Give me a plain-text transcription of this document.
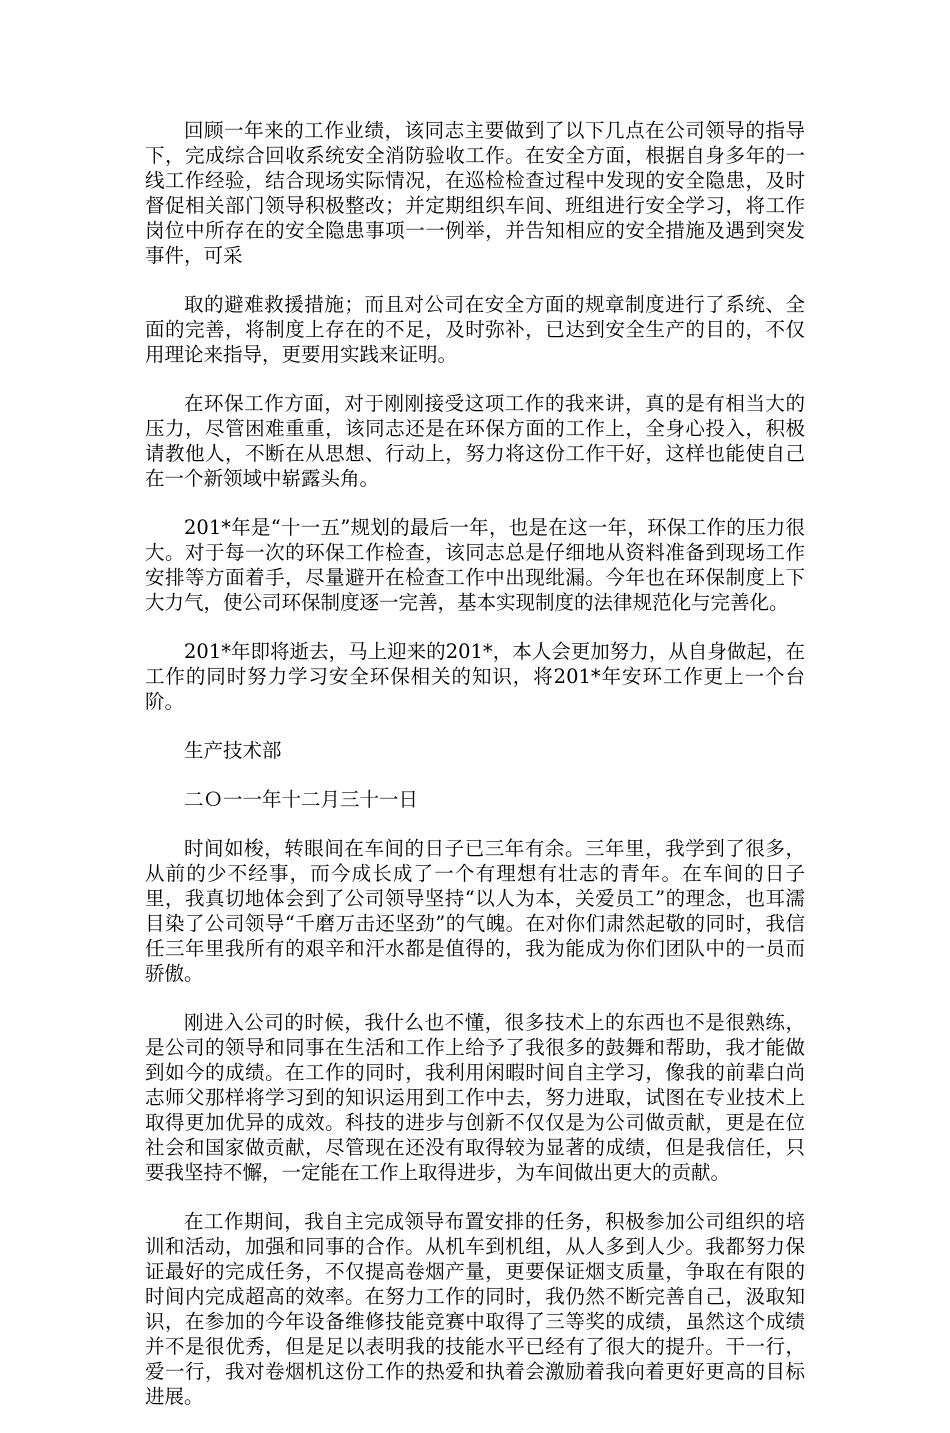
回顾一年来的工作业绩，该同志主要做到了以下几点在公司领导的指导下，完成综合回收系统安全消防验收工作。在安全方面，根据自身多年的一线工作经验，结合现场实际情况，在巡检检查过程中发现的安全隐患，及时督促相关部门领导积极整改；并定期组织车间、班组进行安全学习，将工作岗位中所存在的安全隐患事项一一例举，并告知相应的安全措施及遇到突发事件，可采

取的避难救援措施；而且对公司在安全方面的规章制度进行了系统、全面的完善，将制度上存在的不足，及时弥补，已达到安全生产的目的，不仅用理论来指导，更要用实践来证明。

在环保工作方面，对于刚刚接受这项工作的我来讲，真的是有相当大的压力，尽管困难重重，该同志还是在环保方面的工作上，全身心投入，积极请教他人，不断在从思想、行动上，努力将这份工作干好，这样也能使自己在一个新领域中崭露头角。

201*年是“十一五”规划的最后一年，也是在这一年，环保工作的压力很大。对于每一次的环保工作检查，该同志总是仔细地从资料准备到现场工作安排等方面着手，尽量避开在检查工作中出现纰漏。今年也在环保制度上下大力气，使公司环保制度逐一完善，基本实现制度的法律规范化与完善化。

201*年即将逝去，马上迎来的201*，本人会更加努力，从自身做起，在工作的同时努力学习安全环保相关的知识，将201*年安环工作更上一个台阶。

生产技术部

二Ｏ一一年十二月三十一日

时间如梭，转眼间在车间的日子已三年有余。三年里，我学到了很多，从前的少不经事，而今成长成了一个有理想有壮志的青年。在车间的日子里，我真切地体会到了公司领导坚持“以人为本，关爱员工”的理念，也耳濡目染了公司领导“千磨万击还坚劲”的气魄。在对你们肃然起敬的同时，我信任三年里我所有的艰辛和汗水都是值得的，我为能成为你们团队中的一员而骄傲。

刚进入公司的时候，我什么也不懂，很多技术上的东西也不是很熟练，是公司的领导和同事在生活和工作上给予了我很多的鼓舞和帮助，我才能做到如今的成绩。在工作的同时，我利用闲暇时间自主学习，像我的前辈白尚志师父那样将学习到的知识运用到工作中去，努力进取，试图在专业技术上取得更加优异的成效。科技的进步与创新不仅仅是为公司做贡献，更是在位社会和国家做贡献，尽管现在还没有取得较为显著的成绩，但是我信任，只要我坚持不懈，一定能在工作上取得进步，为车间做出更大的贡献。

在工作期间，我自主完成领导布置安排的任务，积极参加公司组织的培训和活动，加强和同事的合作。从机车到机组，从人多到人少。我都努力保证最好的完成任务，不仅提高卷烟产量，更要保证烟支质量，争取在有限的时间内完成超高的效率。在努力工作的同时，我仍然不断完善自己，汲取知识，在参加的今年设备维修技能竞赛中取得了三等奖的成绩，虽然这个成绩并不是很优秀，但是足以表明我的技能水平已经有了很大的提升。干一行，爱一行，我对卷烟机这份工作的热爱和执着会激励着我向着更好更高的目标进展。
